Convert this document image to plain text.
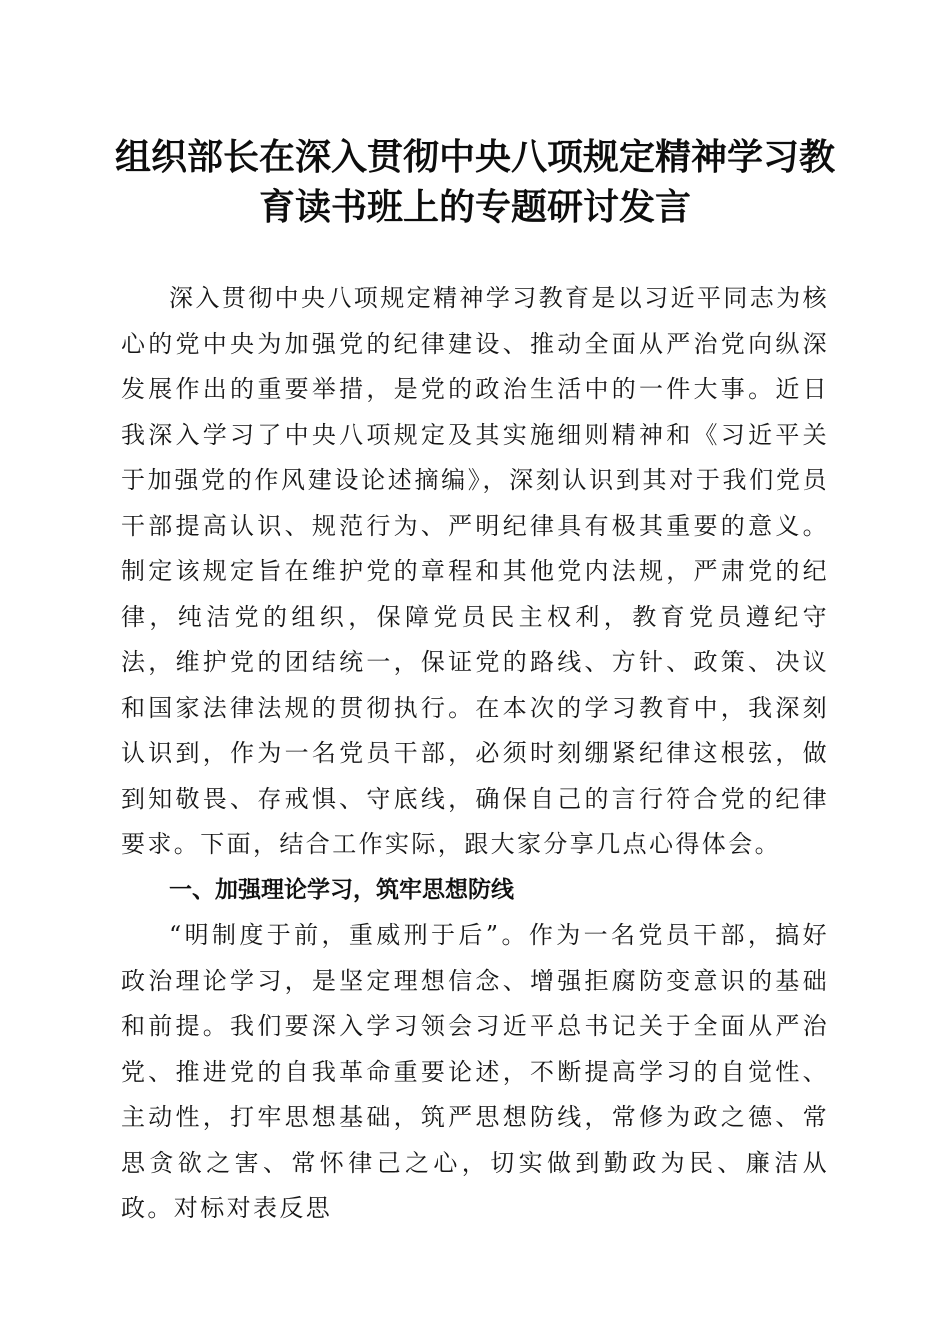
组织部长在深入贯彻中央八项规定精神学习教育读书班上的专题研讨发言

深入贯彻中央八项规定精神学习教育是以习近平同志为核心的党中央为加强党的纪律建设、推动全面从严治党向纵深发展作出的重要举措，是党的政治生活中的一件大事。近日我深入学习了中央八项规定及其实施细则精神和《习近平关于加强党的作风建设论述摘编》，深刻认识到其对于我们党员干部提高认识、规范行为、严明纪律具有极其重要的意义。制定该规定旨在维护党的章程和其他党内法规，严肃党的纪律，纯洁党的组织，保障党员民主权利，教育党员遵纪守法，维护党的团结统一，保证党的路线、方针、政策、决议和国家法律法规的贯彻执行。在本次的学习教育中，我深刻认识到，作为一名党员干部，必须时刻绷紧纪律这根弦，做到知敬畏、存戒惧、守底线，确保自己的言行符合党的纪律要求。下面，结合工作实际，跟大家分享几点心得体会。

一、加强理论学习，筑牢思想防线

“明制度于前，重威刑于后”。作为一名党员干部，搞好政治理论学习，是坚定理想信念、增强拒腐防变意识的基础和前提。我们要深入学习领会习近平总书记关于全面从严治党、推进党的自我革命重要论述，不断提高学习的自觉性、主动性，打牢思想基础，筑严思想防线，常修为政之德、常思贪欲之害、常怀律己之心，切实做到勤政为民、廉洁从政。对标对表反思
